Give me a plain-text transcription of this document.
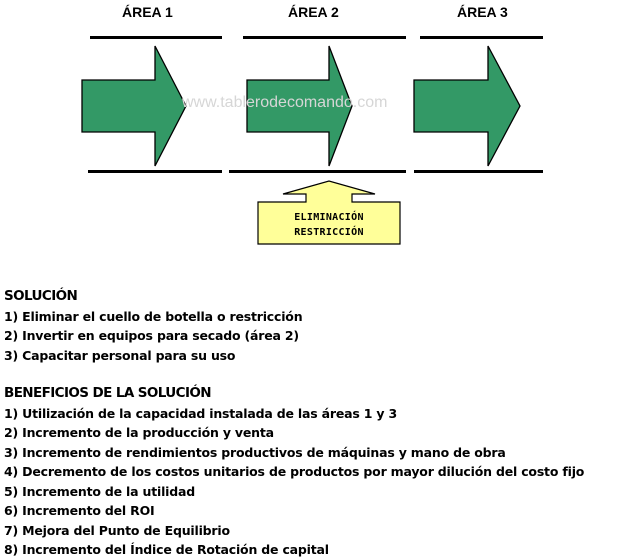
ÁREA 1	ÁREA 2	ÁREA 3
www.tablerodecomando.com
ELIMINACIÓN
RESTRICCIÓN
SOLUCIÓN
1) Eliminar el cuello de botella o restricción
2) Invertir en equipos para secado (área 2)
3) Capacitar personal para su uso
BENEFICIOS DE LA SOLUCIÓN
1) Utilización de la capacidad instalada de las áreas 1 y 3
2) Incremento de la producción y venta
3) Incremento de rendimientos productivos de máquinas y mano de obra
4) Decremento de los costos unitarios de productos por mayor dilución del costo fijo
5) Incremento de la utilidad
6) Incremento del ROI
7) Mejora del Punto de Equilibrio
8) Incremento del Índice de Rotación de capital
